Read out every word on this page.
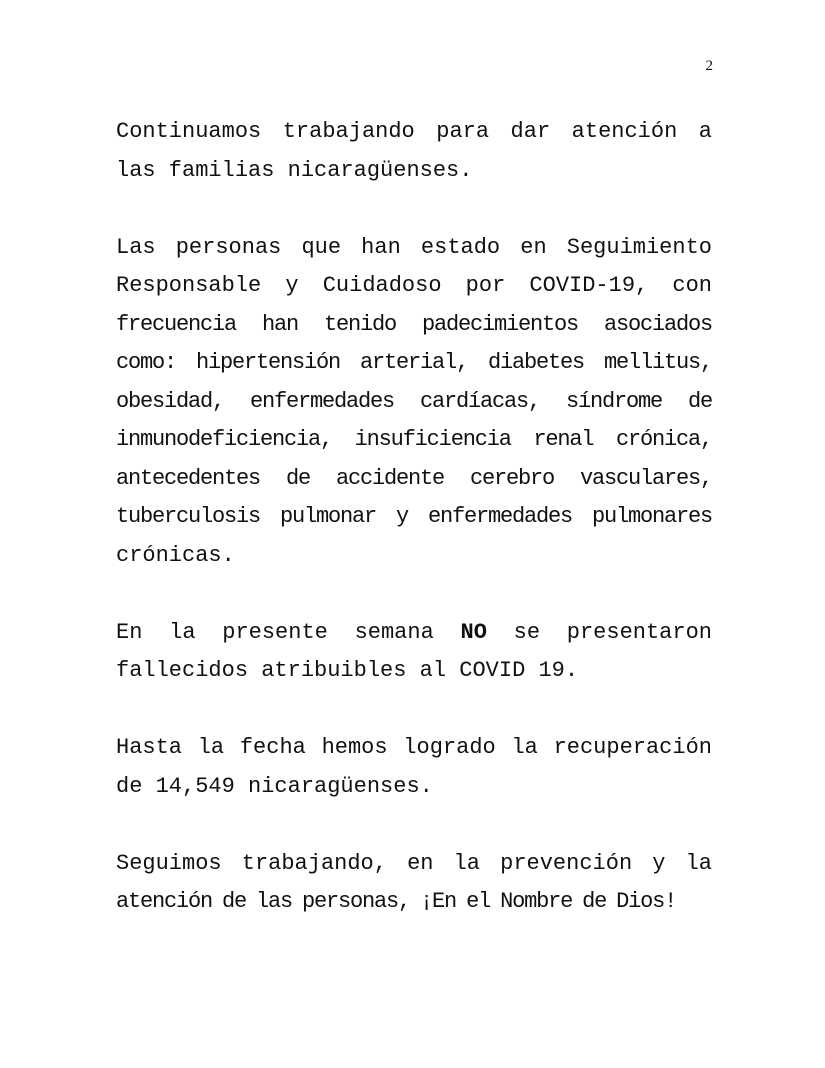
2

Continuamos trabajando para dar atención a
las familias nicaragüenses.

Las personas que han estado en Seguimiento
Responsable y Cuidadoso por COVID-19, con
frecuencia han tenido padecimientos asociados
como: hipertensión arterial, diabetes mellitus,
obesidad, enfermedades cardíacas, síndrome de
inmunodeficiencia, insuficiencia renal crónica,
antecedentes de accidente cerebro vasculares,
tuberculosis pulmonar y enfermedades pulmonares
crónicas.

En la presente semana NO se presentaron
fallecidos atribuibles al COVID 19.

Hasta la fecha hemos logrado la recuperación
de 14,549 nicaragüenses.

Seguimos trabajando, en la prevención y la
atención de las personas, ¡En el Nombre de Dios!
